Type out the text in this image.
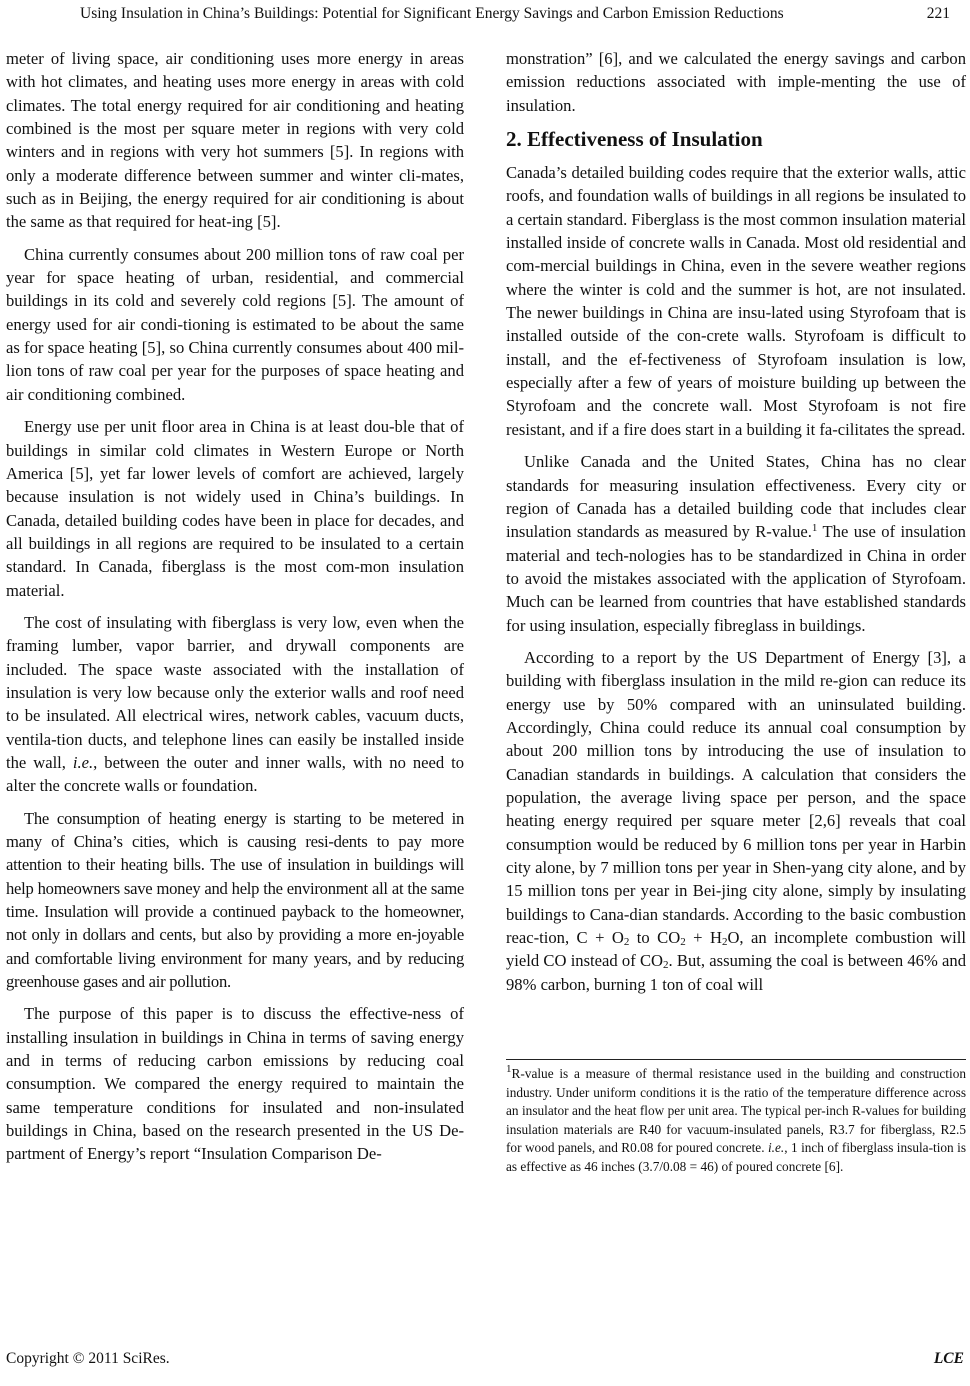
Using Insulation in China’s Buildings: Potential for Significant Energy Savings and Carbon Emission Reductions	221

meter of living space, air conditioning uses more energy in areas with hot climates, and heating uses more energy in areas with cold climates. The total energy required for air conditioning and heating combined is the most per square meter in regions with very cold winters and in regions with very hot summers [5]. In regions with only a moderate difference between summer and winter cli-mates, such as in Beijing, the energy required for air conditioning is about the same as that required for heat-ing [5].

China currently consumes about 200 million tons of raw coal per year for space heating of urban, residential, and commercial buildings in its cold and severely cold regions [5]. The amount of energy used for air condi-tioning is estimated to be about the same as for space heating [5], so China currently consumes about 400 mil-lion tons of raw coal per year for the purposes of space heating and air conditioning combined.

Energy use per unit floor area in China is at least dou-ble that of buildings in similar cold climates in Western Europe or North America [5], yet far lower levels of comfort are achieved, largely because insulation is not widely used in China’s buildings. In Canada, detailed building codes have been in place for decades, and all buildings in all regions are required to be insulated to a certain standard. In Canada, fiberglass is the most com-mon insulation material.

The cost of insulating with fiberglass is very low, even when the framing lumber, vapor barrier, and drywall components are included. The space waste associated with the installation of insulation is very low because only the exterior walls and roof need to be insulated. All electrical wires, network cables, vacuum ducts, ventila-tion ducts, and telephone lines can easily be installed inside the wall, i.e., between the outer and inner walls, with no need to alter the concrete walls or foundation.

The consumption of heating energy is starting to be metered in many of China’s cities, which is causing resi-dents to pay more attention to their heating bills. The use of insulation in buildings will help homeowners save money and help the environment all at the same time. Insulation will provide a continued payback to the homeowner, not only in dollars and cents, but also by providing a more en-joyable and comfortable living environment for many years, and by reducing greenhouse gases and air pollution.

The purpose of this paper is to discuss the effective-ness of installing insulation in buildings in China in terms of saving energy and in terms of reducing carbon emissions by reducing coal consumption. We compared the energy required to maintain the same temperature conditions for insulated and non-insulated buildings in China, based on the research presented in the US De-partment of Energy’s report “Insulation Comparison De-

monstration” [6], and we calculated the energy savings and carbon emission reductions associated with imple-menting the use of insulation.

2. Effectiveness of Insulation

Canada’s detailed building codes require that the exterior walls, attic roofs, and foundation walls of buildings in all regions be insulated to a certain standard. Fiberglass is the most common insulation material installed inside of concrete walls in Canada. Most old residential and com-mercial buildings in China, even in the severe weather regions where the winter is cold and the summer is hot, are not insulated. The newer buildings in China are insu-lated using Styrofoam that is installed outside of the con-crete walls. Styrofoam is difficult to install, and the ef-fectiveness of Styrofoam insulation is low, especially after a few of years of moisture building up between the Styrofoam and the concrete wall. Most Styrofoam is not fire resistant, and if a fire does start in a building it fa-cilitates the spread.

Unlike Canada and the United States, China has no clear standards for measuring insulation effectiveness. Every city or region of Canada has a detailed building code that includes clear insulation standards as measured by R-value.$^1$ The use of insulation material and tech-nologies has to be standardized in China in order to avoid the mistakes associated with the application of Styrofoam. Much can be learned from countries that have established standards for using insulation, especially fibreglass in buildings.

According to a report by the US Department of Energy [3], a building with fiberglass insulation in the mild re-gion can reduce its energy use by 50% compared with an uninsulated building. Accordingly, China could reduce its annual coal consumption by about 200 million tons by introducing the use of insulation to Canadian standards in buildings. A calculation that considers the population, the average living space per person, and the space heating energy required per square meter [2,6] reveals that coal consumption would be reduced by 6 million tons per year in Harbin city alone, by 7 million tons per year in Shen-yang city alone, and by 15 million tons per year in Bei-jing city alone, simply by insulating buildings to Cana-dian standards. According to the basic combustion reac-tion, $C + O_2$ to $CO_2 + H_2O$, an incomplete combustion will yield CO instead of $CO_2$. But, assuming the coal is between 46% and 98% carbon, burning 1 ton of coal will

$^1$R-value is a measure of thermal resistance used in the building and construction industry. Under uniform conditions it is the ratio of the temperature difference across an insulator and the heat flow per unit area. The typical per-inch R-values for building insulation materials are R40 for vacuum-insulated panels, R3.7 for fiberglass, R2.5 for wood panels, and R0.08 for poured concrete. i.e., 1 inch of fiberglass insula-tion is as effective as 46 inches (3.7/0.08 = 46) of poured concrete [6].
Copyright © 2011 SciRes.	LCE
